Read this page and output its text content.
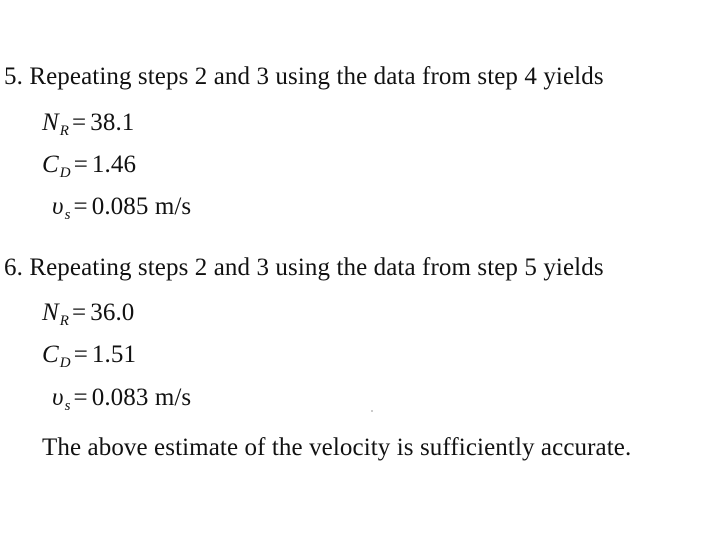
5. Repeating steps 2 and 3 using the data from step 4 yields
$N_R = 38.1$
$C_D = 1.46$
$\upsilon_s = 0.085$ m/s
6. Repeating steps 2 and 3 using the data from step 5 yields
$N_R = 36.0$
$C_D = 1.51$
$\upsilon_s = 0.083$ m/s
The above estimate of the velocity is sufficiently accurate.
